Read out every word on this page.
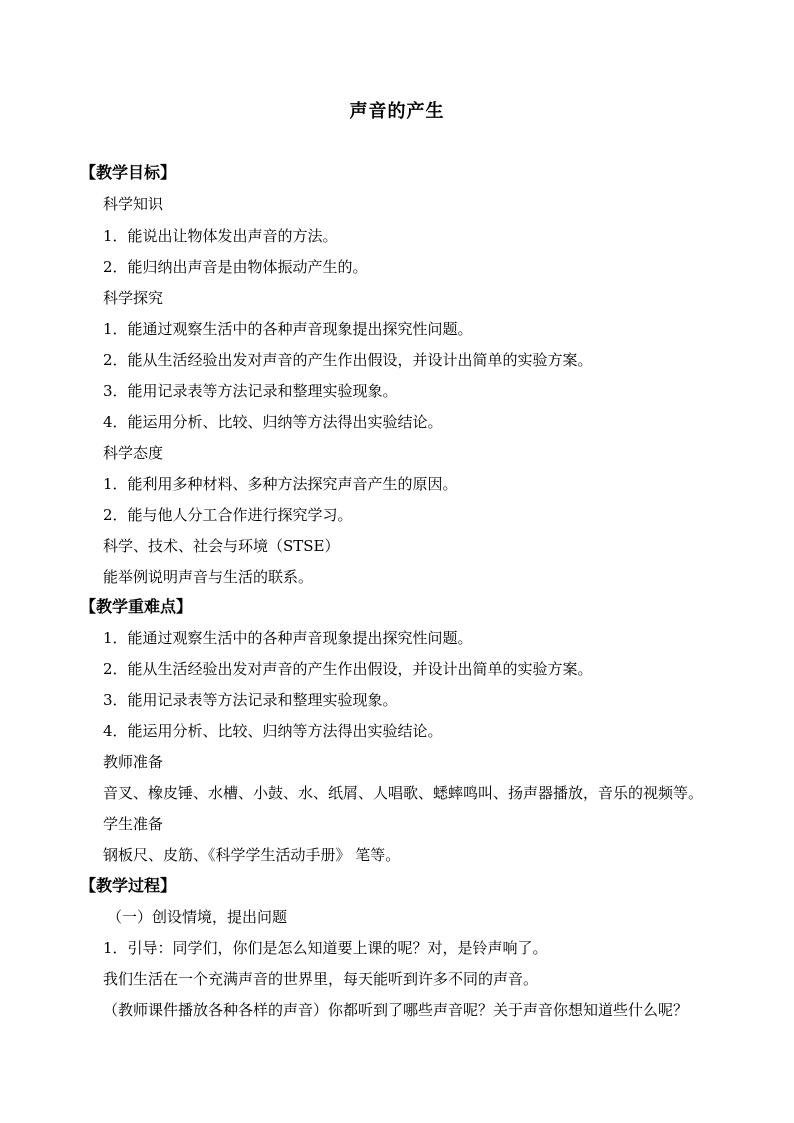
声音的产生
【教学目标】
科学知识
1．能说出让物体发出声音的方法。
2．能归纳出声音是由物体振动产生的。
科学探究
1．能通过观察生活中的各种声音现象提出探究性问题。
2．能从生活经验出发对声音的产生作出假设，并设计出简单的实验方案。
3．能用记录表等方法记录和整理实验现象。
4．能运用分析、比较、归纳等方法得出实验结论。
科学态度
1．能利用多种材料、多种方法探究声音产生的原因。
2．能与他人分工合作进行探究学习。
科学、技术、社会与环境（STSE）
能举例说明声音与生活的联系。
【教学重难点】
1．能通过观察生活中的各种声音现象提出探究性问题。
2．能从生活经验出发对声音的产生作出假设，并设计出简单的实验方案。
3．能用记录表等方法记录和整理实验现象。
4．能运用分析、比较、归纳等方法得出实验结论。
教师准备
音叉、橡皮锤、水槽、小鼓、水、纸屑、人唱歌、蟋蟀鸣叫、扬声器播放，音乐的视频等。
学生准备
钢板尺、皮筋、《科学学生活动手册》 笔等。
【教学过程】
（一）创设情境，提出问题
1．引导：同学们，你们是怎么知道要上课的呢？对，是铃声响了。
我们生活在一个充满声音的世界里，每天能听到许多不同的声音。
（教师课件播放各种各样的声音）你都听到了哪些声音呢？关于声音你想知道些什么呢？
